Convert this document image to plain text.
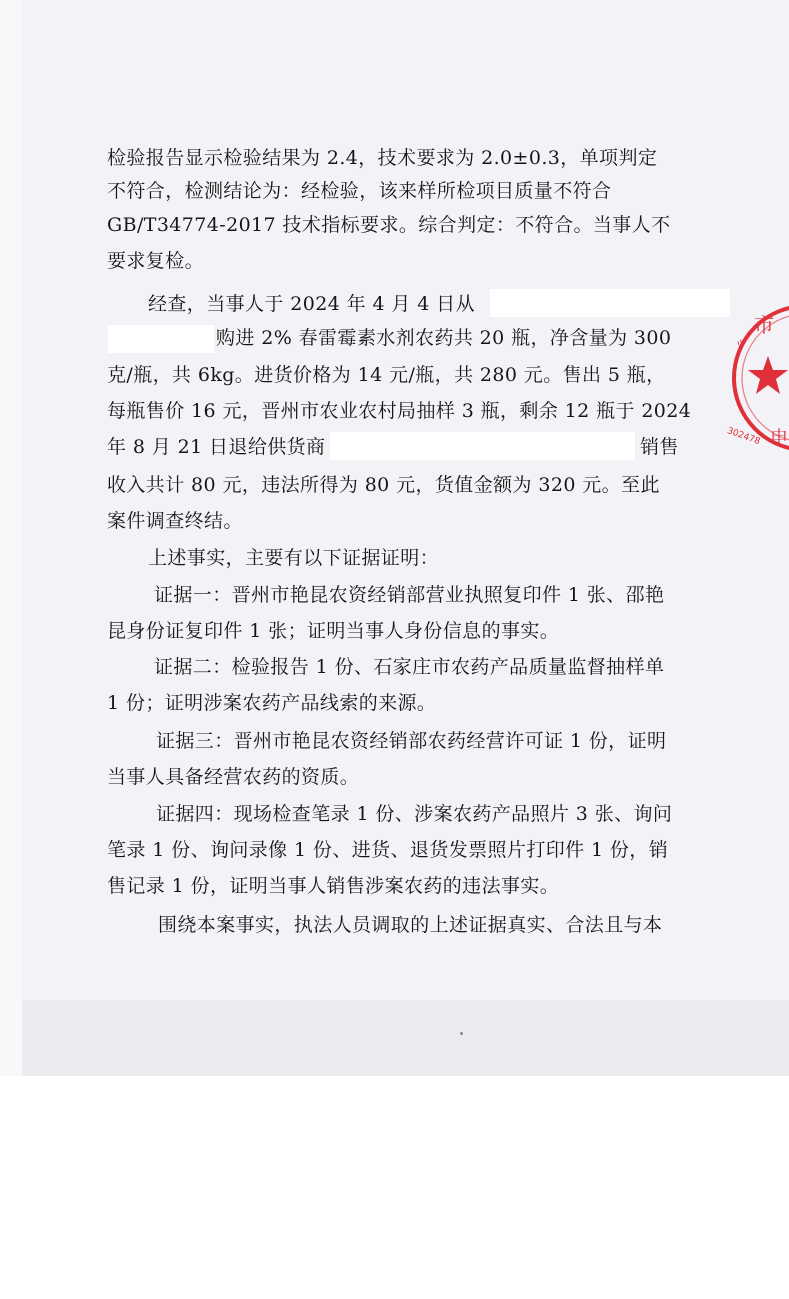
检验报告显示检验结果为 2.4，技术要求为 2.0±0.3，单项判定

不符合，检测结论为：经检验，该来样所检项目质量不符合

GB/T34774-2017 技术指标要求。综合判定：不符合。当事人不

要求复检。

经查，当事人于 2024 年 4 月 4 日从

购进 2% 春雷霉素水剂农药共 20 瓶，净含量为 300

克/瓶，共 6kg。进货价格为 14 元/瓶，共 280 元。售出 5 瓶，

每瓶售价 16 元，晋州市农业农村局抽样 3 瓶，剩余 12 瓶于 2024

年 8 月 21 日退给供货商	销售

收入共计 80 元，违法所得为 80 元，货值金额为 320 元。至此

案件调查终结。

上述事实，主要有以下证据证明：

证据一：晋州市艳昆农资经销部营业执照复印件 1 张、邵艳

昆身份证复印件 1 张；证明当事人身份信息的事实。

证据二：检验报告 1 份、石家庄市农药产品质量监督抽样单

1 份；证明涉案农药产品线索的来源。

证据三：晋州市艳昆农资经销部农药经营许可证 1 份，证明

当事人具备经营农药的资质。

证据四：现场检查笔录 1 份、涉案农药产品照片 3 张、询问

笔录 1 份、询问录像 1 份、进货、退货发票照片打印件 1 份，销

售记录 1 份，证明当事人销售涉案农药的违法事实。

围绕本案事实，执法人员调取的上述证据真实、合法且与本

市
申
302478
〃
